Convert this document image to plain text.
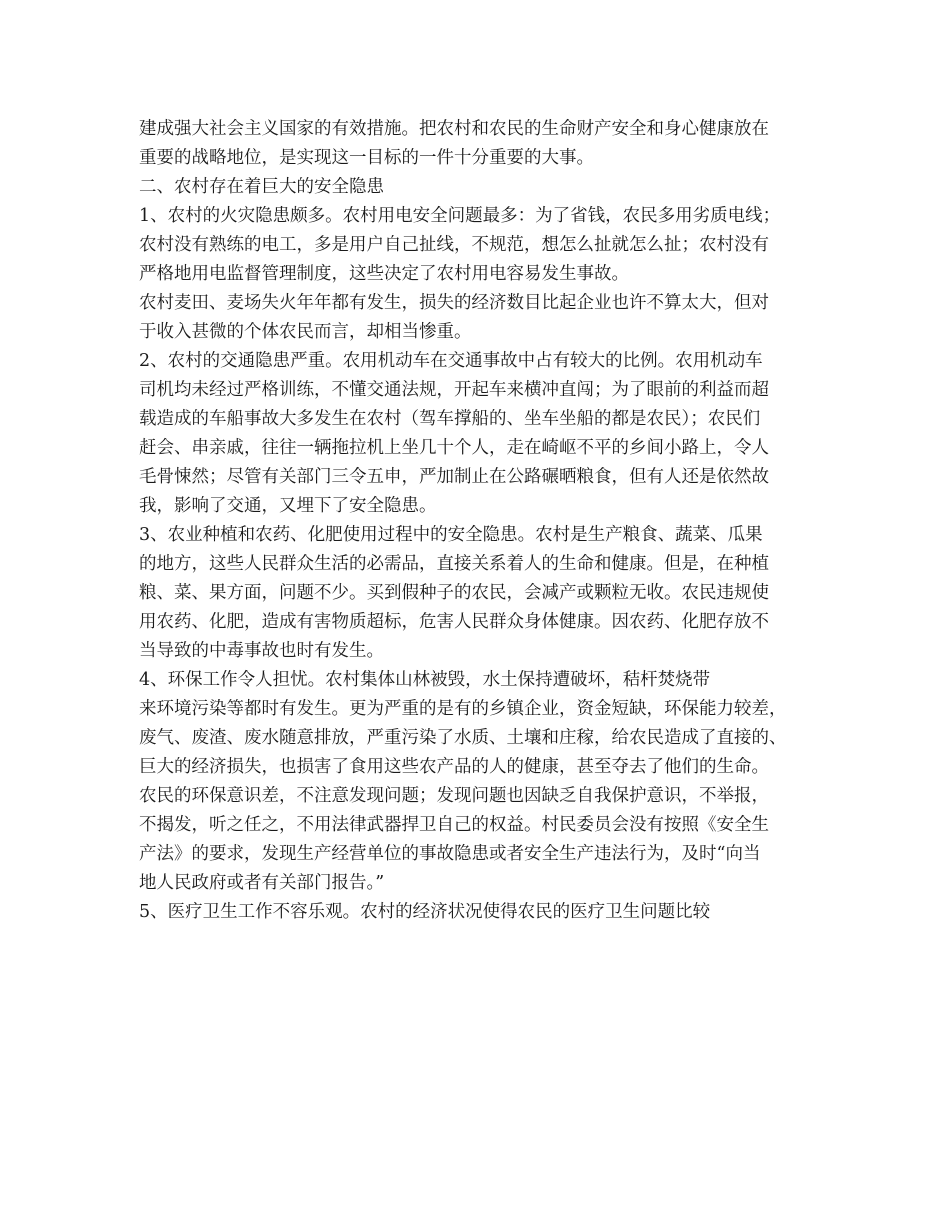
建成强大社会主义国家的有效措施。把农村和农民的生命财产安全和身心健康放在
重要的战略地位，是实现这一目标的一件十分重要的大事。
二、农村存在着巨大的安全隐患
1、农村的火灾隐患颇多。农村用电安全问题最多：为了省钱，农民多用劣质电线；
农村没有熟练的电工，多是用户自己扯线，不规范，想怎么扯就怎么扯；农村没有
严格地用电监督管理制度，这些决定了农村用电容易发生事故。
农村麦田、麦场失火年年都有发生，损失的经济数目比起企业也许不算太大，但对
于收入甚微的个体农民而言，却相当惨重。
2、农村的交通隐患严重。农用机动车在交通事故中占有较大的比例。农用机动车
司机均未经过严格训练，不懂交通法规，开起车来横冲直闯；为了眼前的利益而超
载造成的车船事故大多发生在农村（驾车撑船的、坐车坐船的都是农民）；农民们
赶会、串亲戚，往往一辆拖拉机上坐几十个人，走在崎岖不平的乡间小路上，令人
毛骨悚然；尽管有关部门三令五申，严加制止在公路碾晒粮食，但有人还是依然故
我，影响了交通，又埋下了安全隐患。
3、农业种植和农药、化肥使用过程中的安全隐患。农村是生产粮食、蔬菜、瓜果
的地方，这些人民群众生活的必需品，直接关系着人的生命和健康。但是，在种植
粮、菜、果方面，问题不少。买到假种子的农民，会减产或颗粒无收。农民违规使
用农药、化肥，造成有害物质超标，危害人民群众身体健康。因农药、化肥存放不
当导致的中毒事故也时有发生。
4、环保工作令人担忧。农村集体山林被毁，水土保持遭破坏，秸杆焚烧带
来环境污染等都时有发生。更为严重的是有的乡镇企业，资金短缺，环保能力较差，
废气、废渣、废水随意排放，严重污染了水质、土壤和庄稼，给农民造成了直接的、
巨大的经济损失，也损害了食用这些农产品的人的健康，甚至夺去了他们的生命。
农民的环保意识差，不注意发现问题；发现问题也因缺乏自我保护意识，不举报，
不揭发，听之任之，不用法律武器捍卫自己的权益。村民委员会没有按照《安全生
产法》的要求，发现生产经营单位的事故隐患或者安全生产违法行为，及时“向当
地人民政府或者有关部门报告。”
5、医疗卫生工作不容乐观。农村的经济状况使得农民的医疗卫生问题比较
